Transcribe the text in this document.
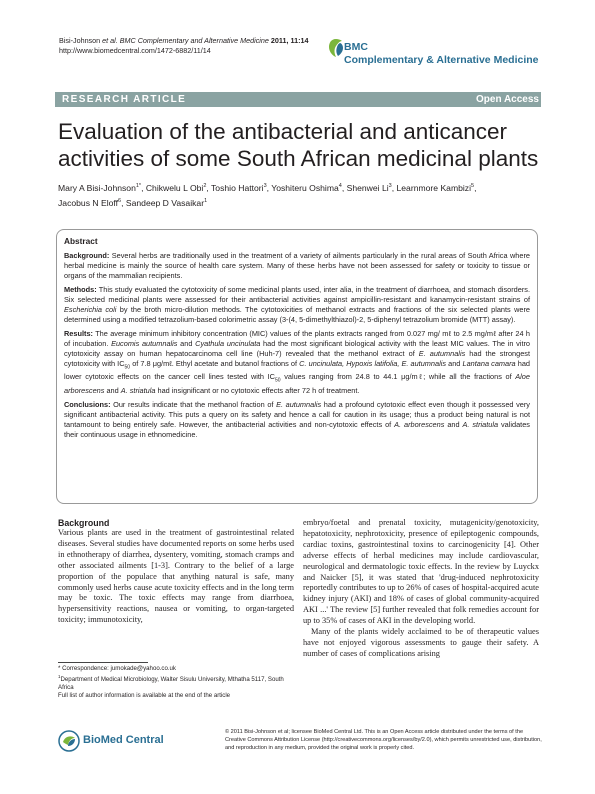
Bisi-Johnson et al. BMC Complementary and Alternative Medicine 2011, 11:14
http://www.biomedcentral.com/1472-6882/11/14	BMC
Complementary & Alternative Medicine
RESEARCH ARTICLE	Open Access
Evaluation of the antibacterial and anticancer activities of some South African medicinal plants
Mary A Bisi-Johnson$^{1*}$, Chikwelu L Obi$^2$, Toshio Hattori$^3$, Yoshiteru Oshima$^4$, Shenwei Li$^3$, Learnmore Kambizi$^5$,
Jacobus N Eloff$^6$, Sandeep D Vasaikar$^1$
Abstract

Background: Several herbs are traditionally used in the treatment of a variety of ailments particularly in the rural areas of South Africa where herbal medicine is mainly the source of health care system. Many of these herbs have not been assessed for safety or toxicity to tissue or organs of the mammalian recipients.

Methods: This study evaluated the cytotoxicity of some medicinal plants used, inter alia, in the treatment of diarrhoea, and stomach disorders. Six selected medicinal plants were assessed for their antibacterial activities against ampicillin-resistant and kanamycin-resistant strains of Escherichia coli by the broth micro-dilution methods. The cytotoxicities of methanol extracts and fractions of the six selected plants were determined using a modified tetrazolium-based colorimetric assay (3-(4, 5-dimethylthiazol)-2, 5-diphenyl tetrazolium bromide (MTT) assay).

Results: The average minimum inhibitory concentration (MIC) values of the plants extracts ranged from 0.027 mg/ mℓ to 2.5 mg/mℓ after 24 h of incubation. Eucomis autumnalis and Cyathula uncinulata had the most significant biological activity with the least MIC values. The in vitro cytotoxicity assay on human hepatocarcinoma cell line (Huh-7) revealed that the methanol extract of E. autumnalis had the strongest cytotoxicity with $IC_{50}$ of 7.8 μg/mℓ. Ethyl acetate and butanol fractions of C. uncinulata, Hypoxis latifolia, E. autumnalis and Lantana camara had lower cytotoxic effects on the cancer cell lines tested with $IC_{50}$ values ranging from 24.8 to 44.1 μg/mℓ; while all the fractions of Aloe arborescens and A. striatula had insignificant or no cytotoxic effects after 72 h of treatment.

Conclusions: Our results indicate that the methanol fraction of E. autumnalis had a profound cytotoxic effect even though it possessed very significant antibacterial activity. This puts a query on its safety and hence a call for caution in its usage; thus a product being natural is not tantamount to being entirely safe. However, the antibacterial activities and non-cytotoxic effects of A. arborescens and A. striatula validates their continuous usage in ethnomedicine.

Background
Various plants are used in the treatment of gastrointestinal related diseases. Several studies have documented reports on some herbs used in ethnotherapy of diarrhea, dysentery, vomiting, stomach cramps and other associated ailments [1-3]. Contrary to the belief of a large proportion of the populace that anything natural is safe, many commonly used herbs cause acute toxicity effects and in the long term may be toxic. The toxic effects may range from diarrhoea, hypersensitivity reactions, nausea or vomiting, to organ-targeted toxicity; immunotoxicity,

embryo/foetal and prenatal toxicity, mutagenicity/genotoxicity, hepatotoxicity, nephrotoxicity, presence of epileptogenic compounds, cardiac toxins, gastrointestinal toxins to carcinogenicity [4]. Other adverse effects of herbal medicines may include cardiovascular, neurological and dermatologic toxic effects. In the review by Luyckx and Naicker [5], it was stated that 'drug-induced nephrotoxicity reportedly contributes to up to 26% of cases of hospital-acquired acute kidney injury (AKI) and 18% of cases of global community-acquired AKI ...' The review [5] further revealed that folk remedies account for up to 35% of cases of AKI in the developing world.

Many of the plants widely acclaimed to be of therapeutic values have not enjoyed vigorous assessments to gauge their safety. A number of cases of complications arising

* Correspondence: jumokade@yahoo.co.uk
$^1$Department of Medical Microbiology, Walter Sisulu University, Mthatha 5117, South Africa
Full list of author information is available at the end of the article
BioMed Central
© 2011 Bisi-Johnson et al; licensee BioMed Central Ltd. This is an Open Access article distributed under the terms of the Creative Commons Attribution License (http://creativecommons.org/licenses/by/2.0), which permits unrestricted use, distribution, and reproduction in any medium, provided the original work is properly cited.
